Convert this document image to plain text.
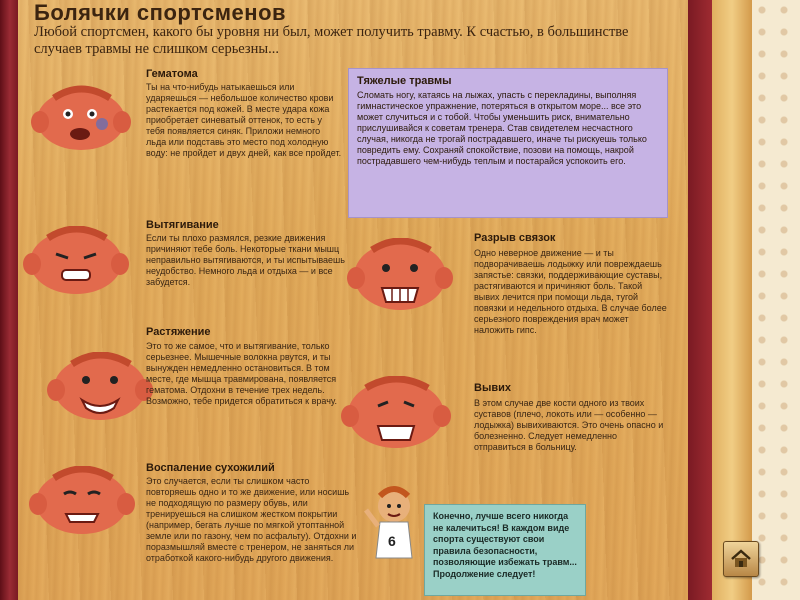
Болячки спортсменов
Любой спортсмен, какого бы уровня ни был, может получить травму. К счастью, в большинстве случаев травмы не слишком серьезны...
Гематома
Ты на что-нибудь натыкаешься или ударяешься — небольшое количество крови растекается под кожей. В месте удара кожа приобретает синеватый оттенок, то есть у тебя появляется синяк. Приложи немного льда или подставь это место под холодную воду: не пройдет и двух дней, как все пройдет.
Вытягивание
Если ты плохо размялся, резкие движения причиняют тебе боль. Некоторые ткани мышц неправильно вытягиваются, и ты испытываешь неудобство. Немного льда и отдыха — и все забудется.
Растяжение
Это то же самое, что и вытягивание, только серьезнее. Мышечные волокна рвутся, и ты вынужден немедленно остановиться. В том месте, где мышца травмирована, появляется гематома. Отдохни в течение трех недель. Возможно, тебе придется обратиться к врачу.
Воспаление сухожилий
Это случается, если ты слишком часто повторяешь одно и то же движение, или носишь не подходящую по размеру обувь, или тренируешься на слишком жестком покрытии (например, бегать лучше по мягкой утоптанной земле или по газону, чем по асфальту). Отдохни и поразмышляй вместе с тренером, не заняться ли отработкой какого-нибудь другого движения.
Тяжелые травмы
Сломать ногу, катаясь на лыжах, упасть с перекладины, выполняя гимнастическое упражнение, потеряться в открытом море... все это может случиться и с тобой. Чтобы уменьшить риск, внимательно прислушивайся к советам тренера. Став свидетелем несчастного случая, никогда не трогай пострадавшего, иначе ты рискуешь только повредить ему. Сохраняй спокойствие, позови на помощь, накрой пострадавшего чем-нибудь теплым и постарайся успокоить его.
Разрыв связок
Одно неверное движение — и ты подворачиваешь лодыжку или повреждаешь запястье: связки, поддерживающие суставы, растягиваются и причиняют боль. Такой вывих лечится при помощи льда, тугой повязки и недельного отдыха. В случае более серьезного повреждения врач может наложить гипс.
Вывих
В этом случае две кости одного из твоих суставов (плечо, локоть или — особенно — лодыжка) вывихиваются. Это очень опасно и болезненно. Следует немедленно отправиться в больницу.
6
Конечно, лучше всего никогда не калечиться! В каждом виде спорта существуют свои правила безопасности, позволяющие избежать травм... Продолжение следует!
